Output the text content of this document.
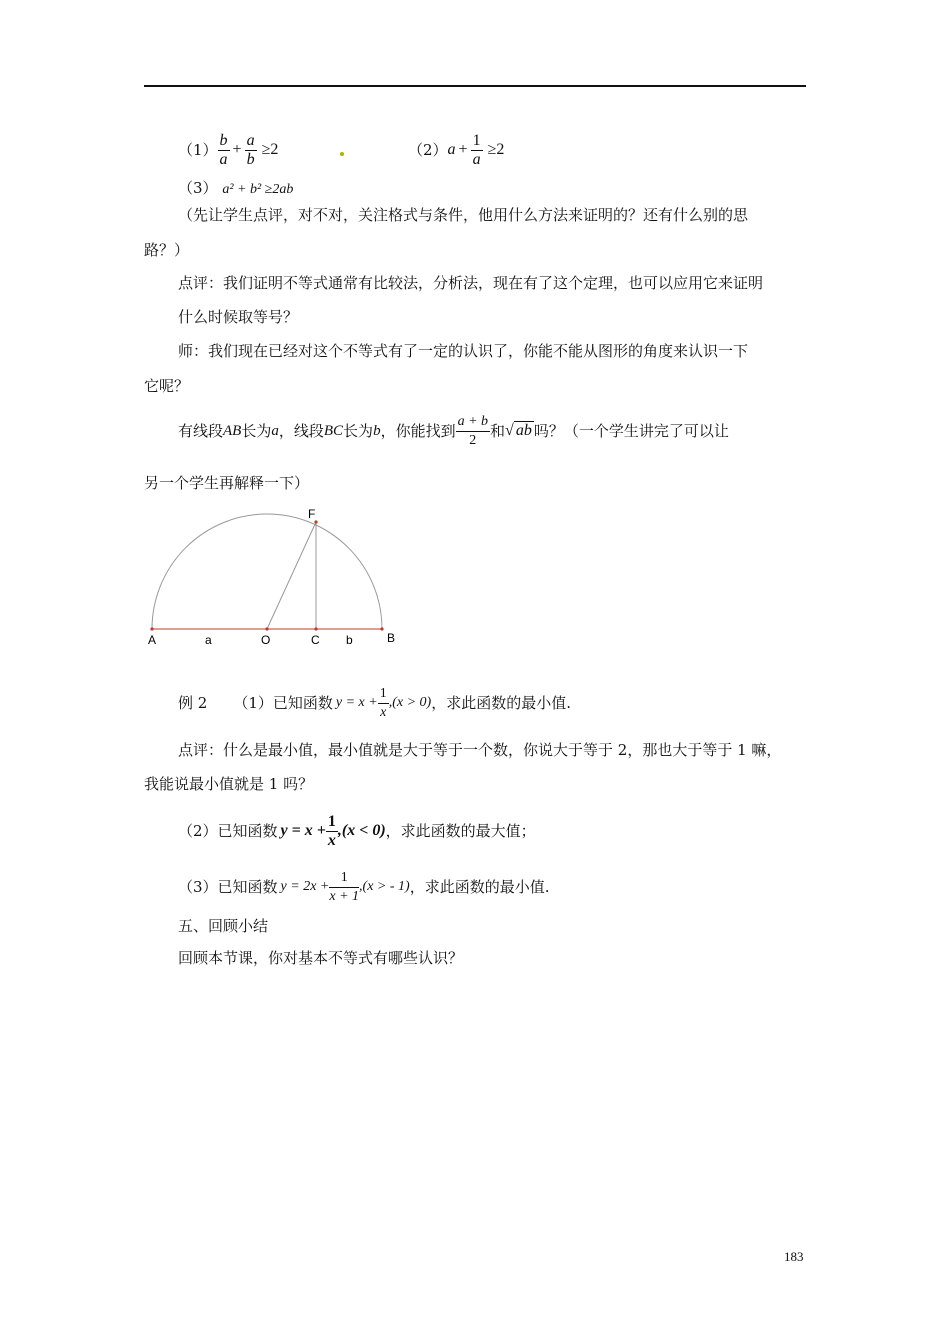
$(1) \frac{b}{a} + \frac{a}{b} \ge 2$	（2） $a + \frac{1}{a} \ge 2$
（3） a² + b² ≥2ab
（先让学生点评，对不对，关注格式与条件，他用什么方法来证明的？还有什么别的思
路？）
点评：我们证明不等式通常有比较法，分析法，现在有了这个定理，也可以应用它来证明
什么时候取等号？
师：我们现在已经对这个不等式有了一定的认识了，你能不能从图形的角度来认识一下
它呢？
有线段 AB 长为 a ，线段 BC 长为 b ，你能找到 $\frac{a + b}{2}$ 和 √ ab 吗？（一个学生讲完了可以让
另一个学生再解释一下）
F
A	a	O	C b	B
例 2 （1）已知函数 $y = x + \frac{1}{x} ,(x > 0)$ ，求此函数的最小值.
点评：什么是最小值，最小值就是大于等于一个数，你说大于等于 2，那也大于等于 1 嘛，
我能说最小值就是 1 吗？
（2）已知函数 $y = x + \frac{1}{x} ,(x < 0)$ ，求此函数的最大值；
（3）已知函数 $y = 2x + \frac{1}{x + 1} ,(x$ > - 1) ，求此函数的最小值.
五、回顾小结
回顾本节课，你对基本不等式有哪些认识？
183
